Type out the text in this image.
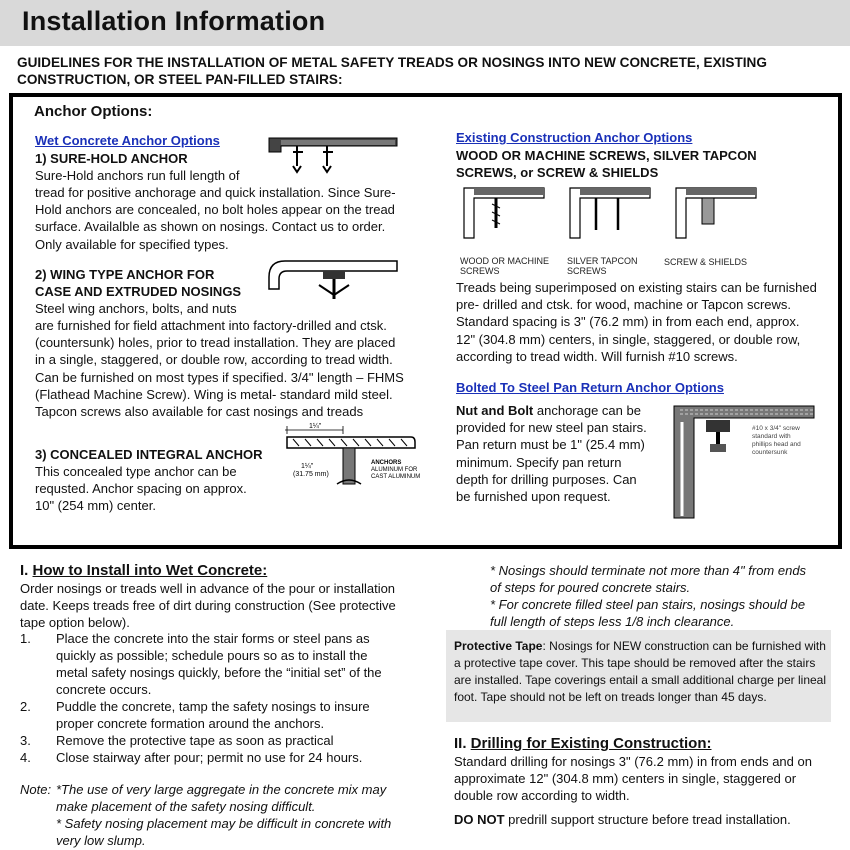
Installation Information
GUIDELINES FOR THE INSTALLATION OF METAL SAFETY TREADS OR NOSINGS INTO NEW CONCRETE, EXISTING CONSTRUCTION, OR STEEL PAN-FILLED STAIRS:
Anchor Options:
Wet Concrete Anchor Options
1) SURE-HOLD ANCHOR
Sure-Hold anchors run full length of
tread for positive anchorage and quick installation. Since Sure-Hold anchors are concealed, no bolt holes appear on the tread surface. Availalble as shown on nosings. Contact us to order. Only available for specified types.
2) WING TYPE ANCHOR FOR
CASE AND EXTRUDED NOSINGS
Steel wing anchors, bolts, and nuts
are furnished for field attachment into factory-drilled and ctsk. (countersunk) holes, prior to tread installation. They are placed in a single, staggered, or double row, according to tread width. Can be furnished on most types if specified. 3/4" length – FHMS (Flathead Machine Screw). Wing is metal- standard mild steel. Tapcon screws also available for cast nosings and treads
3) CONCEALED INTEGRAL ANCHOR
This concealed type anchor can be
requsted. Anchor spacing on approx.
10" (254 mm) center.
1¼"
1¼"
(31.75 mm)
ANCHORS
ALUMINUM FOR
CAST ALUMINUM
Existing Construction Anchor Options
WOOD OR MACHINE SCREWS, SILVER TAPCON SCREWS, or SCREW & SHIELDS
WOOD OR MACHINE
SCREWS
SILVER TAPCON
SCREWS
SCREW & SHIELDS
Treads being superimposed on existing stairs can be furnished pre- drilled and ctsk. for wood, machine or Tapcon screws. Standard spacing is 3" (76.2 mm) in from each end, approx. 12" (304.8 mm) centers, in single, staggered, or double row, according to tread width. Will furnish #10 screws.
Bolted To Steel Pan Return Anchor Options
Nut and Bolt anchorage can be provided for new steel pan stairs. Pan return must be 1" (25.4 mm) minimum. Specify pan return depth for drilling purposes. Can be furnished upon request.
#10 x 3/4" screw
standard with
phillips head and
countersunk
I. How to Install into Wet Concrete:
Order nosings or treads well in advance of the pour or installation date. Keeps treads free of dirt during construction (See protective tape option below).
1.	Place the concrete into the stair forms or steel pans as quickly as possible; schedule pours so as to install the metal safety nosings quickly, before the “initial set” of the concrete occurs.
2.	Puddle the concrete, tamp the safety nosings to insure proper concrete formation around the anchors.
3.	Remove the protective tape as soon as practical
4.	Close stairway after pour; permit no use for 24 hours.
Note: *The use of very large aggregate in the concrete mix may make placement of the safety nosing difficult.
* Safety nosing placement may be difficult in concrete with very low slump.
* Nosings should terminate not more than 4" from ends of steps for poured concrete stairs.
* For concrete filled steel pan stairs, nosings should be full length of steps less 1/8 inch clearance.
Protective Tape: Nosings for NEW construction can be furnished with a protective tape cover. This tape should be removed after the stairs are installed. Tape coverings entail a small additional charge per lineal foot. Tape should not be left on treads longer than 45 days.
II. Drilling for Existing Construction:
Standard drilling for nosings 3" (76.2 mm) in from ends and on approximate 12" (304.8 mm) centers in single, staggered or double row according to width.
DO NOT predrill support structure before tread installation.
